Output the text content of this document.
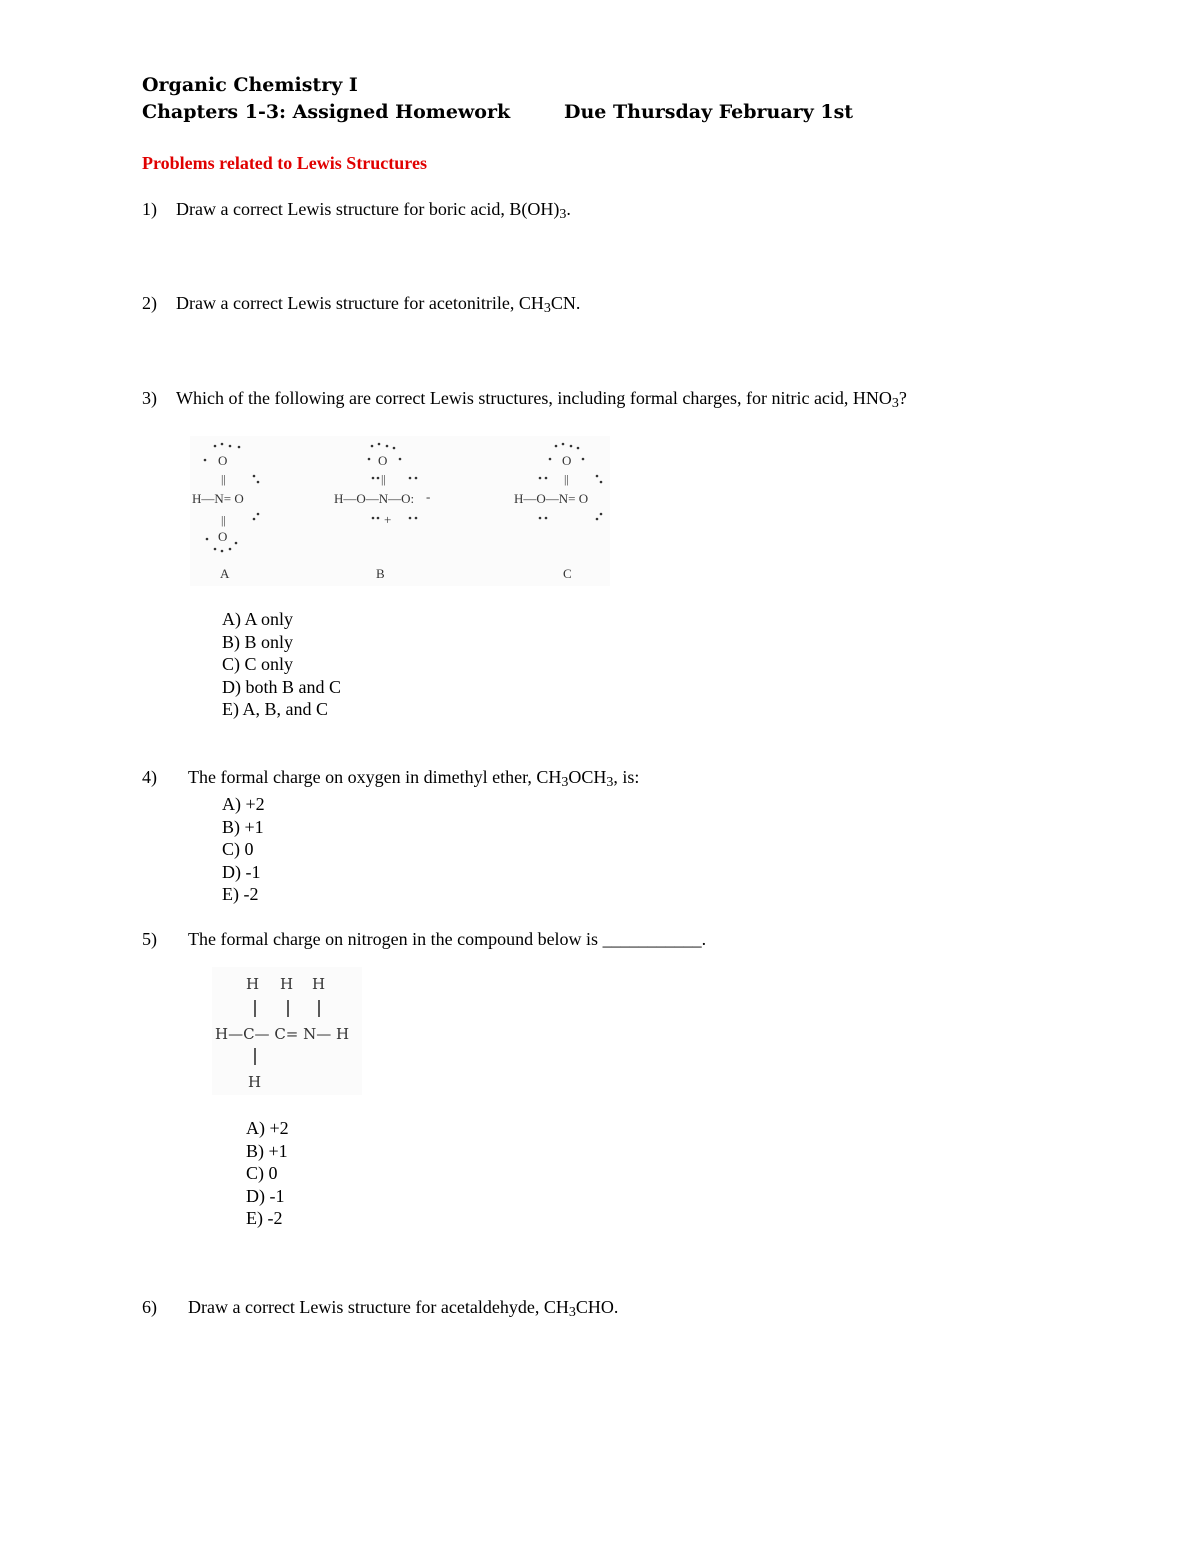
Organic Chemistry I
Chapters 1-3: Assigned Homework	Due Thursday February 1st
Problems related to Lewis Structures
1) Draw a correct Lewis structure for boric acid, $B(OH)_3$.
2) Draw a correct Lewis structure for acetonitrile, $CH_3CN$.
3) Which of the following are correct Lewis structures, including formal charges, for nitric acid, $HNO_3$?
O
||
H—N= O
||
O
A
O
||
H—O—N—O: -
+
B
O
||
H—O—N= O
C
A) A only
B) B only
C) C only
D) both B and C
E) A, B, and C
4) The formal charge on oxygen in dimethyl ether, $CH_3OCH_3$, is:
A) +2
B) +1
C) 0
D) -1
E) -2
5) The formal charge on nitrogen in the compound below is ___________.
H H H
H—C— C= N— H
H
A) +2
B) +1
C) 0
D) -1
E) -2
6) Draw a correct Lewis structure for acetaldehyde, $CH_3CHO$.
